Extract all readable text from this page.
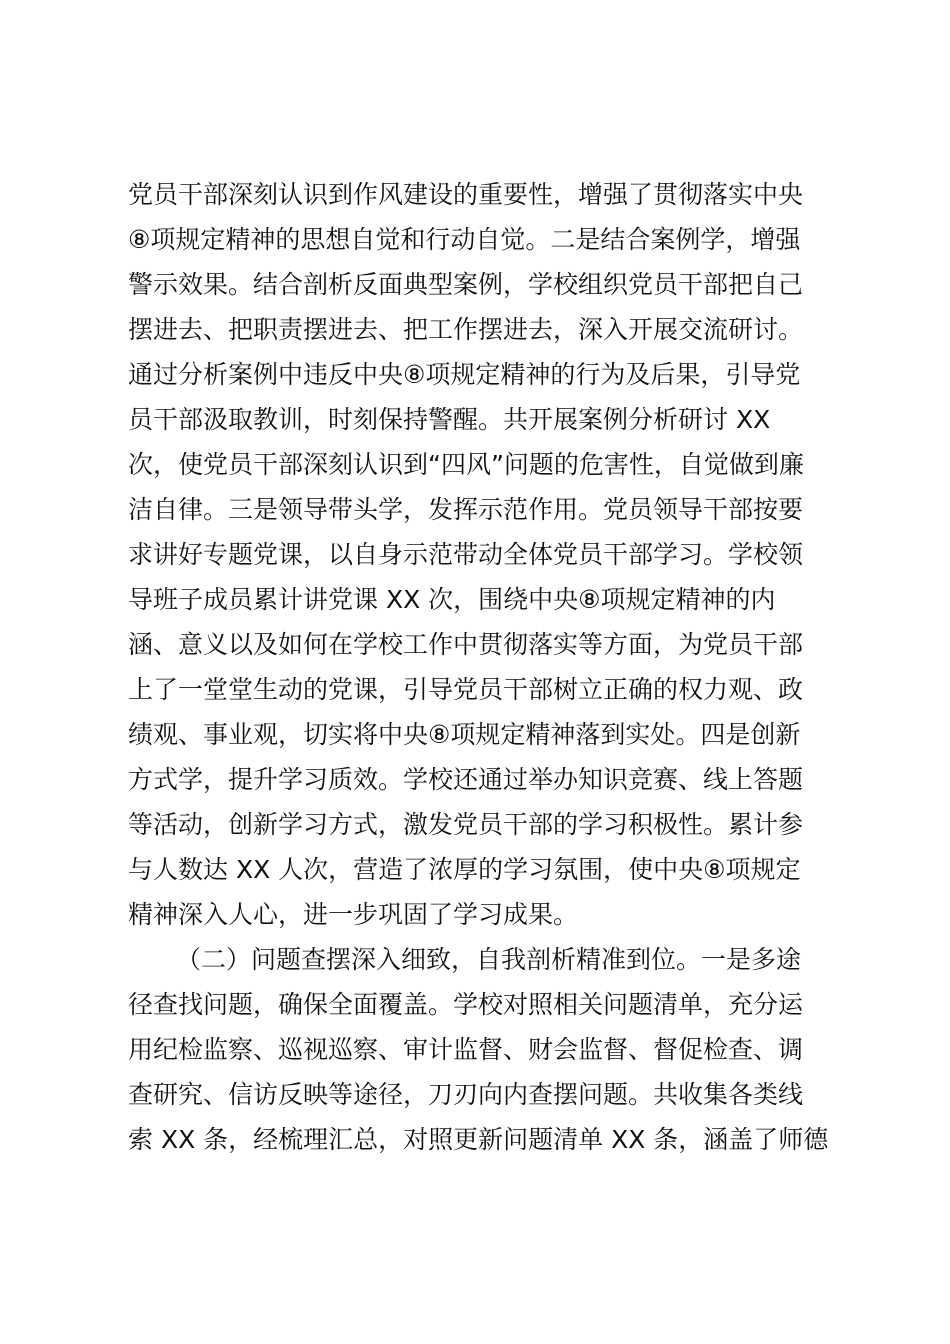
党员干部深刻认识到作风建设的重要性，增强了贯彻落实中央
⑧项规定精神的思想自觉和行动自觉。二是结合案例学，增强
警示效果。结合剖析反面典型案例，学校组织党员干部把自己
摆进去、把职责摆进去、把工作摆进去，深入开展交流研讨。
通过分析案例中违反中央⑧项规定精神的行为及后果，引导党
员干部汲取教训，时刻保持警醒。共开展案例分析研讨 XX
次，使党员干部深刻认识到“四风”问题的危害性，自觉做到廉
洁自律。三是领导带头学，发挥示范作用。党员领导干部按要
求讲好专题党课，以自身示范带动全体党员干部学习。学校领
导班子成员累计讲党课 XX 次，围绕中央⑧项规定精神的内
涵、意义以及如何在学校工作中贯彻落实等方面，为党员干部
上了一堂堂生动的党课，引导党员干部树立正确的权力观、政
绩观、事业观，切实将中央⑧项规定精神落到实处。四是创新
方式学，提升学习质效。学校还通过举办知识竞赛、线上答题
等活动，创新学习方式，激发党员干部的学习积极性。累计参
与人数达 XX 人次，营造了浓厚的学习氛围，使中央⑧项规定
精神深入人心，进一步巩固了学习成果。
（二）问题查摆深入细致，自我剖析精准到位。一是多途
径查找问题，确保全面覆盖。学校对照相关问题清单，充分运
用纪检监察、巡视巡察、审计监督、财会监督、督促检查、调
查研究、信访反映等途径，刀刃向内查摆问题。共收集各类线
索 XX 条，经梳理汇总，对照更新问题清单 XX 条，涵盖了师德
